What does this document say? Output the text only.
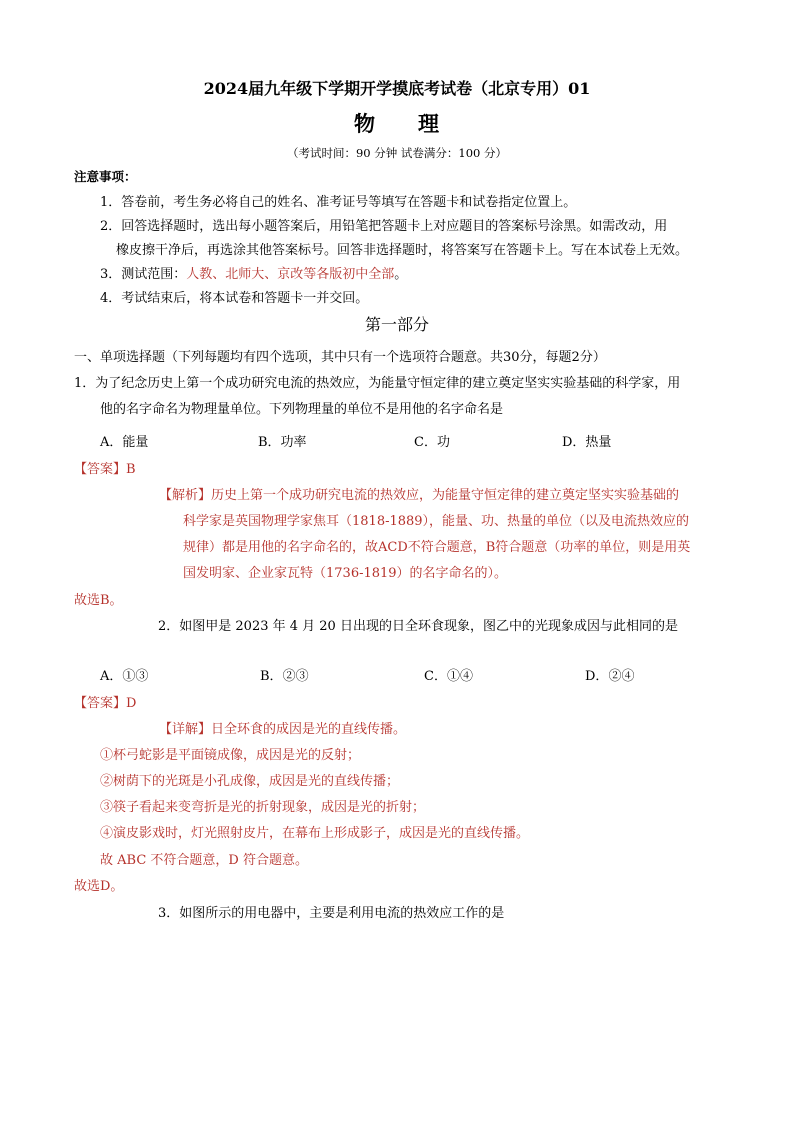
2024届九年级下学期开学摸底考试卷（北京专用）01
物 理
（考试时间：90 分钟 试卷满分：100 分）
注意事项：
1．答卷前，考生务必将自己的姓名、准考证号等填写在答题卡和试卷指定位置上。
2．回答选择题时，选出每小题答案后，用铅笔把答题卡上对应题目的答案标号涂黑。如需改动，用
橡皮擦干净后，再选涂其他答案标号。回答非选择题时，将答案写在答题卡上。写在本试卷上无效。
3．测试范围：人教、北师大、京改等各版初中全部。
4．考试结束后，将本试卷和答题卡一并交回。
第一部分
一、单项选择题（下列每题均有四个选项，其中只有一个选项符合题意。共30分，每题2分）
1．为了纪念历史上第一个成功研究电流的热效应，为能量守恒定律的建立奠定坚实实验基础的科学家，用
他的名字命名为物理量单位。下列物理量的单位不是用他的名字命名是
A．能量	B．功率	C．功	D．热量
【答案】B
【解析】历史上第一个成功研究电流的热效应，为能量守恒定律的建立奠定坚实实验基础的
科学家是英国物理学家焦耳（1818-1889），能量、功、热量的单位（以及电流热效应的
规律）都是用他的名字命名的，故ACD不符合题意，B符合题意（功率的单位，则是用英
国发明家、企业家瓦特（1736-1819）的名字命名的）。
故选B。
2．如图甲是 2023 年 4 月 20 日出现的日全环食现象，图乙中的光现象成因与此相同的是
A．①③	B．②③	C．①④	D．②④
【答案】D
【详解】日全环食的成因是光的直线传播。
①杯弓蛇影是平面镜成像，成因是光的反射；
②树荫下的光斑是小孔成像，成因是光的直线传播；
③筷子看起来变弯折是光的折射现象，成因是光的折射；
④演皮影戏时，灯光照射皮片，在幕布上形成影子，成因是光的直线传播。
故 ABC 不符合题意，D 符合题意。
故选D。
3．如图所示的用电器中，主要是利用电流的热效应工作的是
